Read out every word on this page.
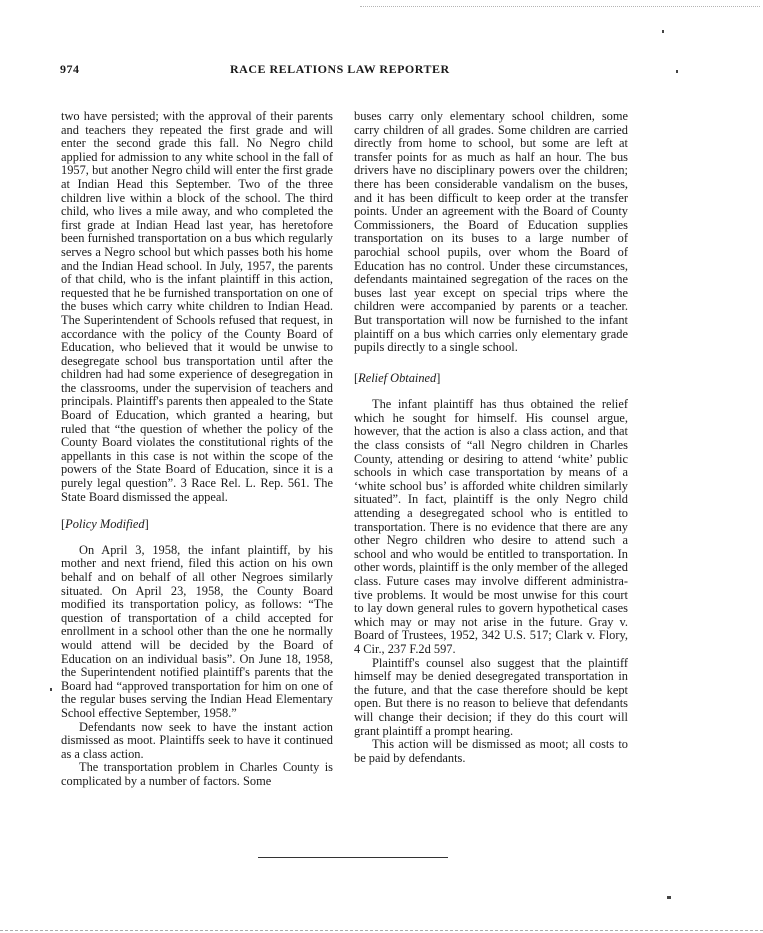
974	RACE RELATIONS LAW REPORTER

two have persisted; with the approval of their parents and teachers they repeated the first grade and will enter the second grade this fall. No Negro child applied for admission to any white school in the fall of 1957, but another Negro child will enter the first grade at Indian Head this September. Two of the three children live within a block of the school. The third child, who lives a mile away, and who completed the first grade at Indian Head last year, has heretofore been furnished transportation on a bus which regularly serves a Negro school but which passes both his home and the Indian Head school. In July, 1957, the parents of that child, who is the infant plaintiff in this action, requested that he be furnished transportation on one of the buses which carry white children to Indian Head. The Superintendent of Schools refused that request, in accordance with the policy of the County Board of Education, who believed that it would be unwise to desegregate school bus transportation until after the children had had some experience of desegregation in the classrooms, under the supervision of teachers and principals. Plaintiff's parents then appealed to the State Board of Education, which granted a hearing, but ruled that “the question of whether the policy of the County Board violates the constitutional rights of the appellants in this case is not within the scope of the powers of the State Board of Education, since it is a purely legal question”. 3 Race Rel. L. Rep. 561. The State Board dismissed the appeal.

[Policy Modified]

On April 3, 1958, the infant plaintiff, by his mother and next friend, filed this action on his own behalf and on behalf of all other Negroes similarly situated. On April 23, 1958, the County Board modified its transportation policy, as follows: “The question of transportation of a child accepted for enrollment in a school other than the one he normally would attend will be decided by the Board of Education on an individual basis”. On June 18, 1958, the Superintendent notified plaintiff's parents that the Board had “approved transportation for him on one of the regular buses serving the Indian Head Elementary School effective September, 1958.”

Defendants now seek to have the instant action dismissed as moot. Plaintiffs seek to have it continued as a class action.

The transportation problem in Charles County is complicated by a number of factors. Some

buses carry only elementary school children, some carry children of all grades. Some children are carried directly from home to school, but some are left at transfer points for as much as half an hour. The bus drivers have no disciplinary powers over the children; there has been considerable vandalism on the buses, and it has been difficult to keep order at the transfer points. Under an agreement with the Board of County Commissioners, the Board of Education supplies transportation on its buses to a large number of parochial school pupils, over whom the Board of Education has no control. Under these circumstances, defendants maintained segregation of the races on the buses last year except on special trips where the children were accompanied by parents or a teacher. But transportation will now be furnished to the infant plaintiff on a bus which carries only elementary grade pupils directly to a single school.

[Relief Obtained]

The infant plaintiff has thus obtained the relief which he sought for himself. His counsel argue, however, that the action is also a class action, and that the class consists of “all Negro children in Charles County, attending or desiring to attend ‘white’ public schools in which case transportation by means of a ‘white school bus’ is afforded white children similarly situated”. In fact, plaintiff is the only Negro child attending a desegregated school who is entitled to transportation. There is no evidence that there are any other Negro children who desire to attend such a school and who would be entitled to transportation. In other words, plaintiff is the only member of the alleged class. Future cases may involve different administrative problems. It would be most unwise for this court to lay down general rules to govern hypothetical cases which may or may not arise in the future. Gray v. Board of Trustees, 1952, 342 U.S. 517; Clark v. Flory, 4 Cir., 237 F.2d 597.

Plaintiff's counsel also suggest that the plaintiff himself may be denied desegregated transportation in the future, and that the case therefore should be kept open. But there is no reason to believe that defendants will change their decision; if they do this court will grant plaintiff a prompt hearing.

This action will be dismissed as moot; all costs to be paid by defendants.
